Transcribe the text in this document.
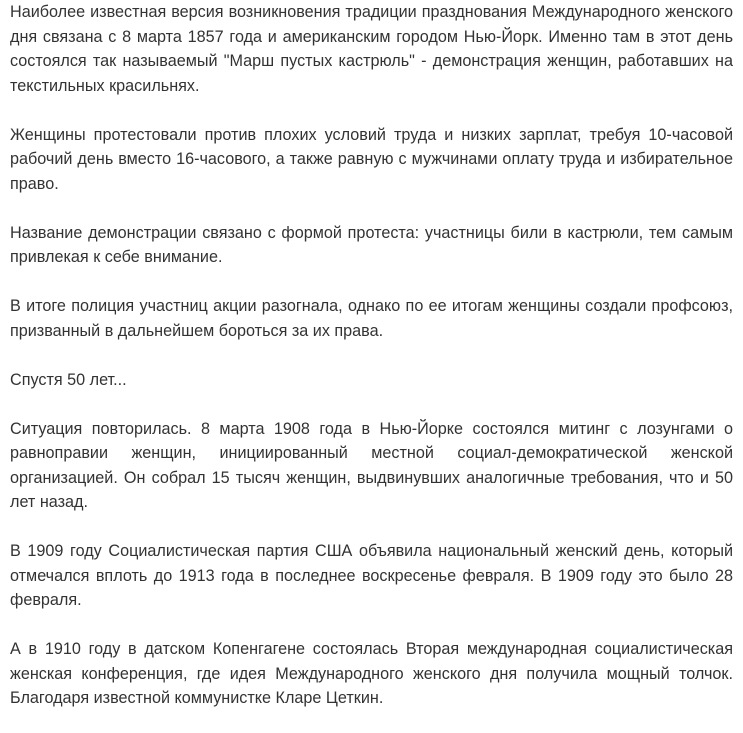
Наиболее известная версия возникновения традиции празднования Международного женского дня связана с 8 марта 1857 года и американским городом Нью-Йорк. Именно там в этот день состоялся так называемый "Марш пустых кастрюль" - демонстрация женщин, работавших на текстильных красильнях.

Женщины протестовали против плохих условий труда и низких зарплат, требуя 10-часовой рабочий день вместо 16-часового, а также равную с мужчинами оплату труда и избирательное право.

Название демонстрации связано с формой протеста: участницы били в кастрюли, тем самым привлекая к себе внимание.

В итоге полиция участниц акции разогнала, однако по ее итогам женщины создали профсоюз, призванный в дальнейшем бороться за их права.

Спустя 50 лет...

Ситуация повторилась. 8 марта 1908 года в Нью-Йорке состоялся митинг с лозунгами о равноправии женщин, инициированный местной социал-демократической женской организацией. Он собрал 15 тысяч женщин, выдвинувших аналогичные требования, что и 50 лет назад.

В 1909 году Социалистическая партия США объявила национальный женский день, который отмечался вплоть до 1913 года в последнее воскресенье февраля. В 1909 году это было 28 февраля.

А в 1910 году в датском Копенгагене состоялась Вторая международная социалистическая женская конференция, где идея Международного женского дня получила мощный толчок. Благодаря известной коммунистке Кларе Цеткин.
